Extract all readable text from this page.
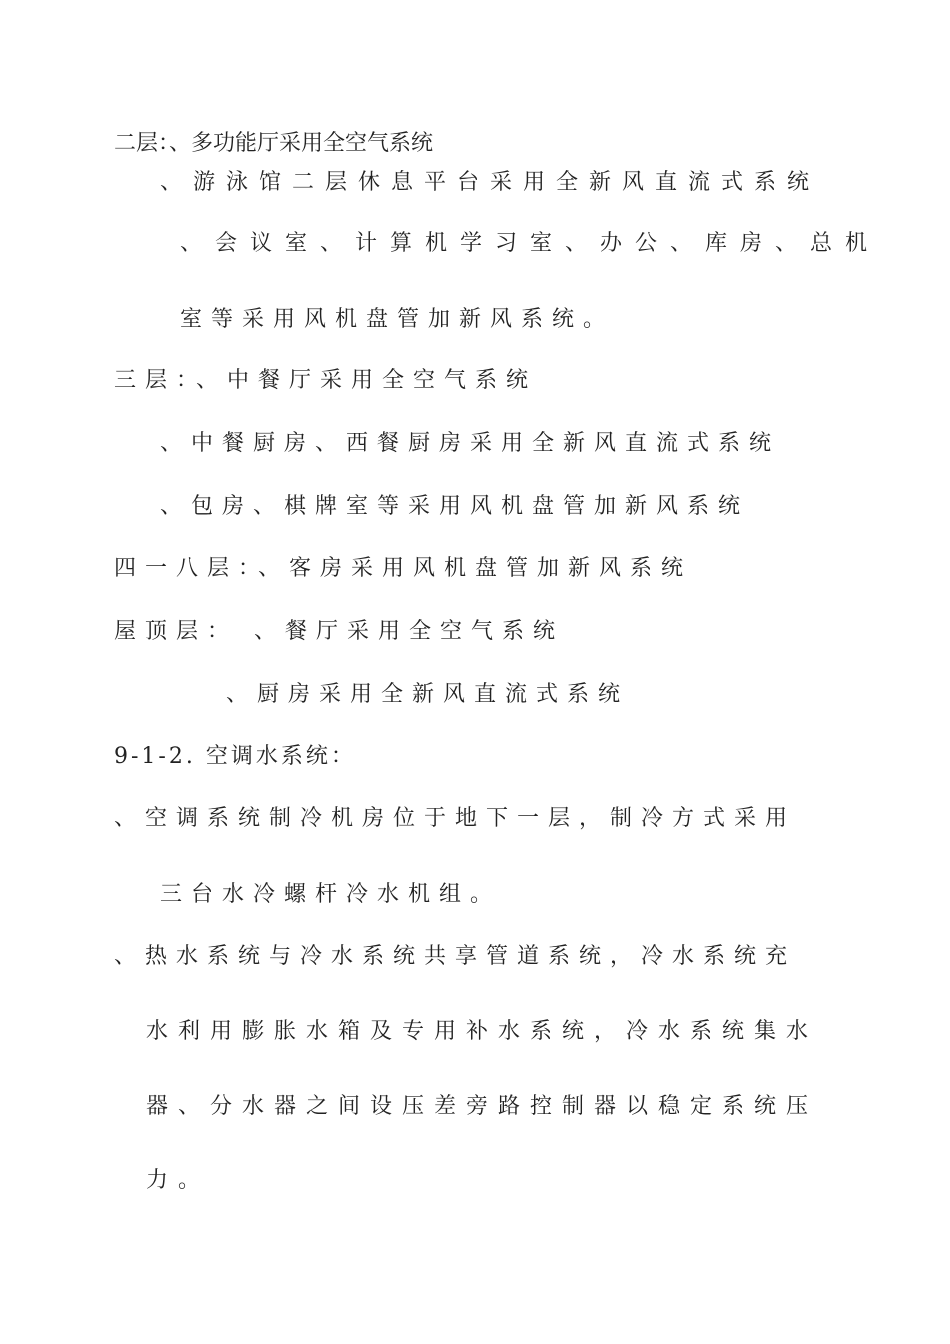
二层：、多功能厅采用全空气系统
、游泳馆二层休息平台采用全新风直流式系统
、会议室、计算机学习室、办公、库房、总机
室等采用风机盘管加新风系统。
三层：、中餐厅采用全空气系统
、中餐厨房、西餐厨房采用全新风直流式系统
、包房、棋牌室等采用风机盘管加新风系统
四一八层：、客房采用风机盘管加新风系统
屋顶层： 、餐厅采用全空气系统
、厨房采用全新风直流式系统
9-1-2. 空调水系统：
、空调系统制冷机房位于地下一层，制冷方式采用
三台水冷螺杆冷水机组。
、热水系统与冷水系统共享管道系统，冷水系统充
水利用膨胀水箱及专用补水系统，冷水系统集水
器、分水器之间设压差旁路控制器以稳定系统压
力。
